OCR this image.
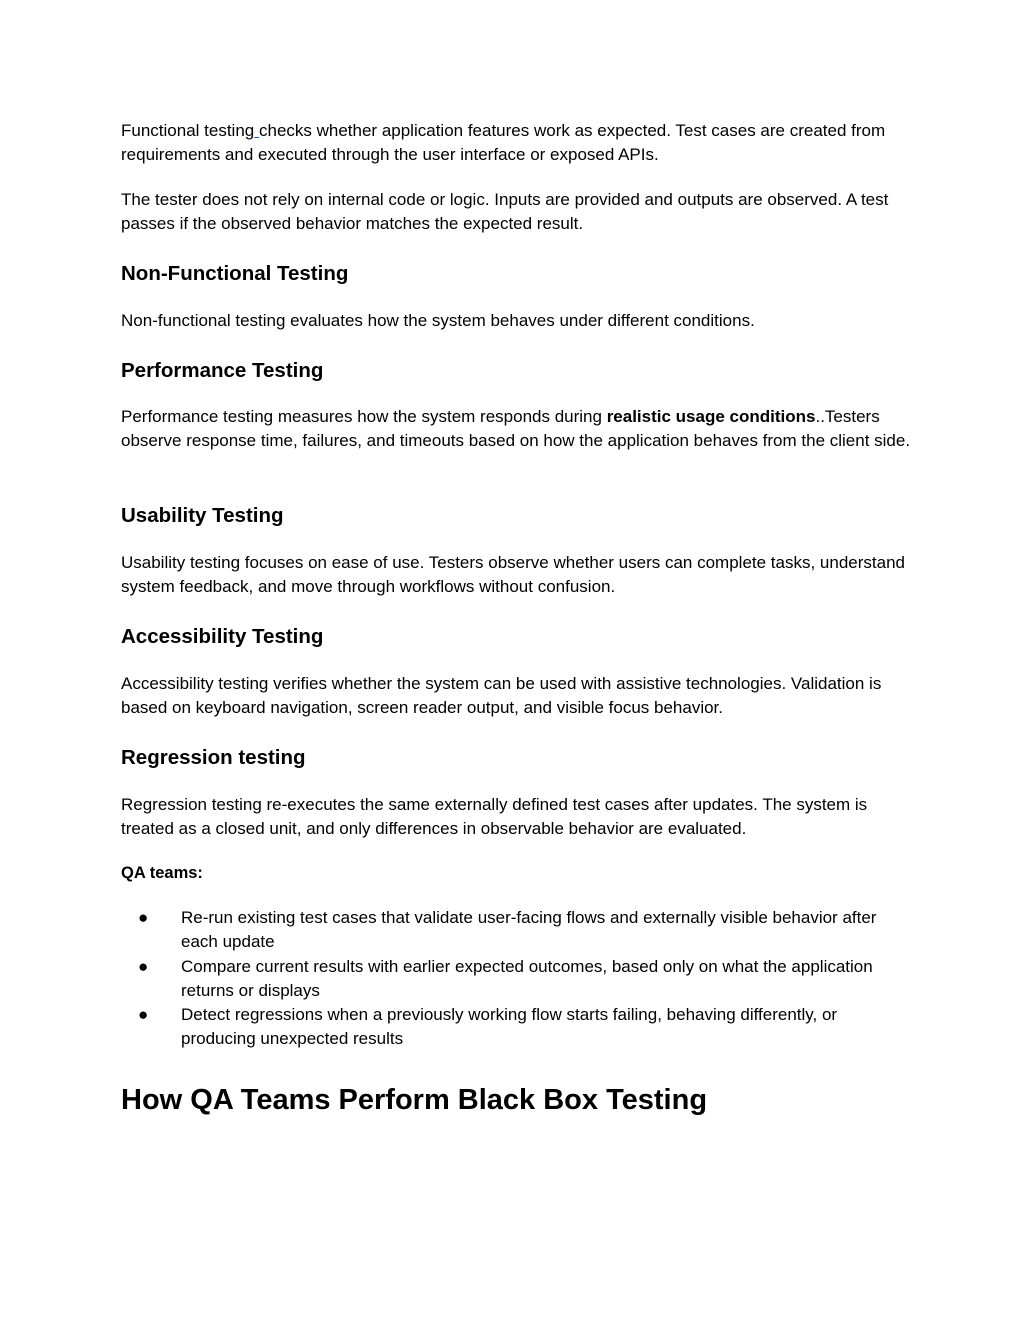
Functional testing checks whether application features work as expected. Test cases are created from requirements and executed through the user interface or exposed APIs.

The tester does not rely on internal code or logic. Inputs are provided and outputs are observed. A test passes if the observed behavior matches the expected result.

Non-Functional Testing

Non-functional testing evaluates how the system behaves under different conditions.

Performance Testing

Performance testing measures how the system responds during realistic usage conditions..Testers observe response time, failures, and timeouts based on how the application behaves from the client side.

Usability Testing

Usability testing focuses on ease of use. Testers observe whether users can complete tasks, understand system feedback, and move through workflows without confusion.

Accessibility Testing

Accessibility testing verifies whether the system can be used with assistive technologies. Validation is based on keyboard navigation, screen reader output, and visible focus behavior.

Regression testing

Regression testing re-executes the same externally defined test cases after updates. The system is treated as a closed unit, and only differences in observable behavior are evaluated.

QA teams:
● Re-run existing test cases that validate user-facing flows and externally visible behavior after each update
● Compare current results with earlier expected outcomes, based only on what the application returns or displays
● Detect regressions when a previously working flow starts failing, behaving differently, or producing unexpected results
How QA Teams Perform Black Box Testing
